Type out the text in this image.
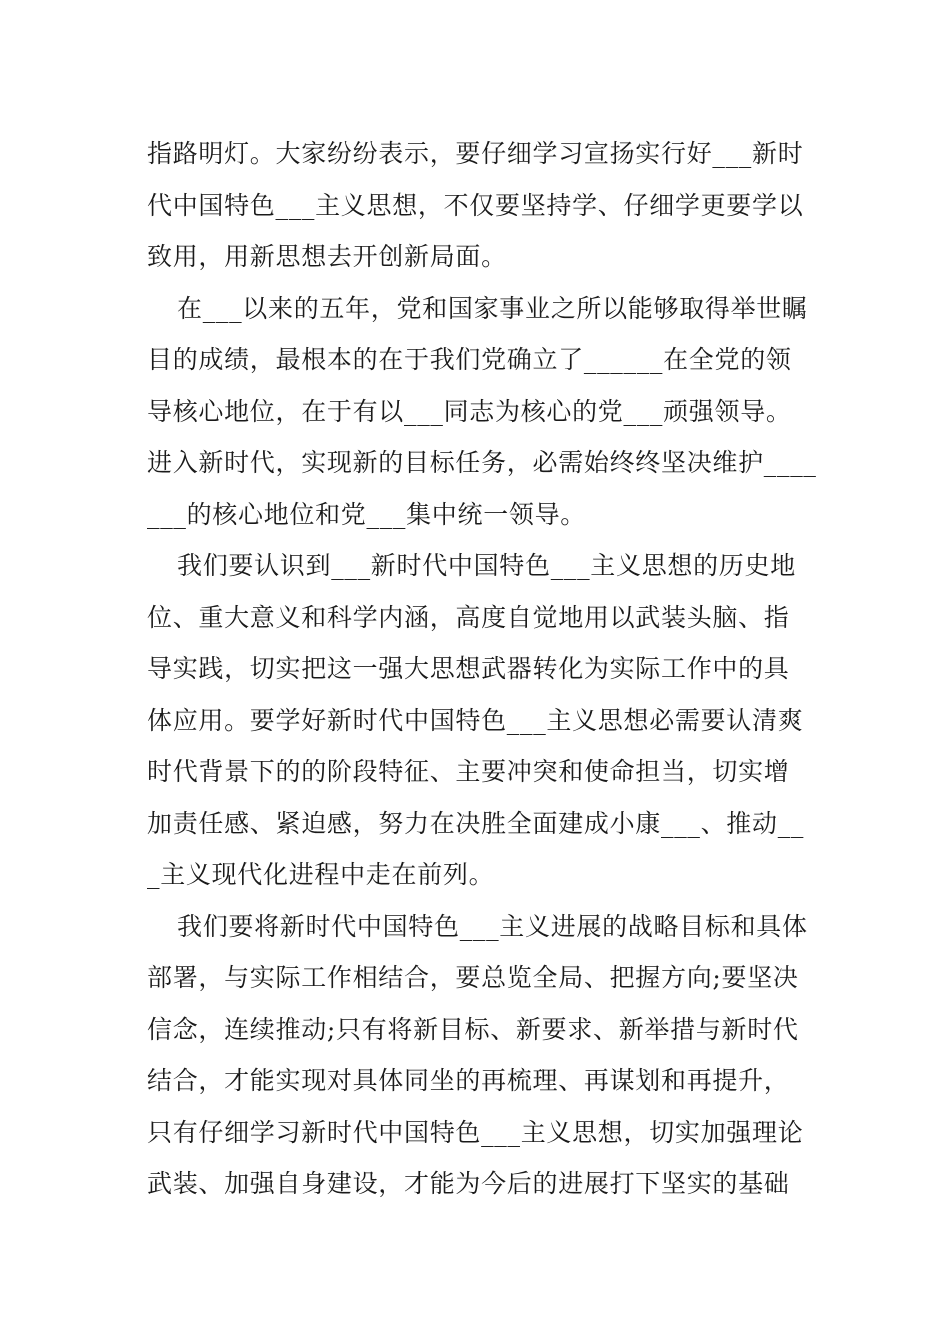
指路明灯。大家纷纷表示，要仔细学习宣扬实行好___新时
代中国特色___主义思想，不仅要坚持学、仔细学更要学以
致用，用新思想去开创新局面。
在___以来的五年，党和国家事业之所以能够取得举世瞩
目的成绩，最根本的在于我们党确立了______在全党的领
导核心地位，在于有以___同志为核心的党___顽强领导。
进入新时代，实现新的目标任务，必需始终终坚决维护____
___的核心地位和党___集中统一领导。
我们要认识到___新时代中国特色___主义思想的历史地
位、重大意义和科学内涵，高度自觉地用以武装头脑、指
导实践，切实把这一强大思想武器转化为实际工作中的具
体应用。要学好新时代中国特色___主义思想必需要认清爽
时代背景下的的阶段特征、主要冲突和使命担当，切实增
加责任感、紧迫感，努力在决胜全面建成小康___、推动__
_主义现代化进程中走在前列。
我们要将新时代中国特色___主义进展的战略目标和具体
部署，与实际工作相结合，要总览全局、把握方向;要坚决
信念，连续推动;只有将新目标、新要求、新举措与新时代
结合，才能实现对具体同坐的再梳理、再谋划和再提升，
只有仔细学习新时代中国特色___主义思想，切实加强理论
武装、加强自身建设，才能为今后的进展打下坚实的基础
